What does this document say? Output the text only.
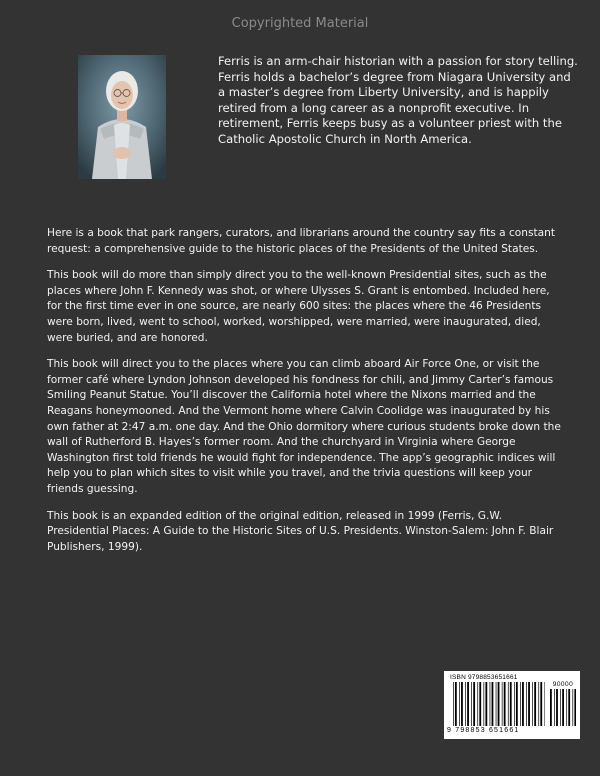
Copyrighted Material

Ferris is an arm-chair historian with a passion for story telling. Ferris holds a bachelor’s degree from Niagara University and a master’s degree from Liberty University, and is happily retired from a long career as a nonprofit executive. In retirement, Ferris keeps busy as a volunteer priest with the Catholic Apostolic Church in North America.

Here is a book that park rangers, curators, and librarians around the country say fits a constant request: a comprehensive guide to the historic places of the Presidents of the United States.

This book will do more than simply direct you to the well-known Presidential sites, such as the places where John F. Kennedy was shot, or where Ulysses S. Grant is entombed. Included here, for the first time ever in one source, are nearly 600 sites: the places where the 46 Presidents were born, lived, went to school, worked, worshipped, were married, were inaugurated, died, were buried, and are honored.

This book will direct you to the places where you can climb aboard Air Force One, or visit the former café where Lyndon Johnson developed his fondness for chili, and Jimmy Carter’s famous Smiling Peanut Statue. You’ll discover the California hotel where the Nixons married and the Reagans honeymooned. And the Vermont home where Calvin Coolidge was inaugurated by his own father at 2:47 a.m. one day. And the Ohio dormitory where curious students broke down the wall of Rutherford B. Hayes’s former room. And the churchyard in Virginia where George Washington first told friends he would fight for independence. The app’s geographic indices will help you to plan which sites to visit while you travel, and the trivia questions will keep your friends guessing.

This book is an expanded edition of the original edition, released in 1999 (Ferris, G.W. Presidential Places: A Guide to the Historic Sites of U.S. Presidents. Winston-Salem: John F. Blair Publishers, 1999).

ISBN 9798853651661
90000
9 798853 651661
